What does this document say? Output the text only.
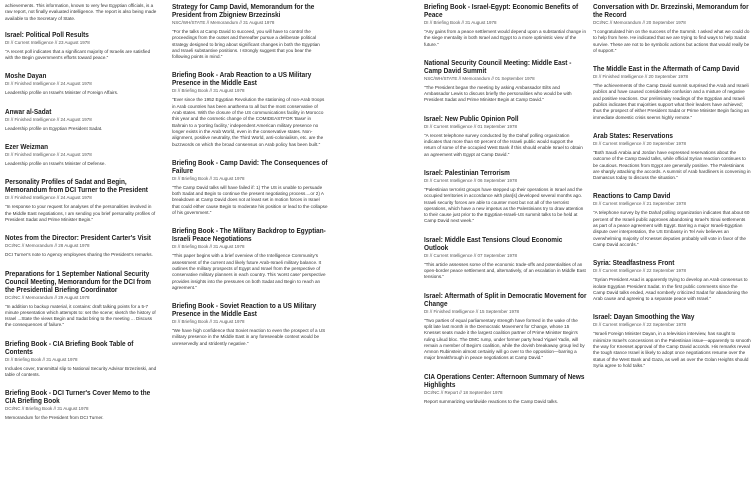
achievements. This information, known to very few Egyptian officials, is a raw report, not finally evaluated intelligence. The report is also being made available to the Secretary of State.

Israel: Political Poll Results
DI // Current Intelligence // 23 August 1978

"A recent poll indicates that a significant majority of Israelis are satisfied with the Begin government's efforts toward peace."

Moshe Dayan
DI // Finished Intelligence // 24 August 1978

Leadership profile on Israel's Minister of Foreign Affairs.

Anwar al-Sadat
DI // Finished Intelligence // 24 August 1978

Leadership profile on Egyptian President Sadat.

Ezer Weizman
DI // Finished Intelligence // 24 August 1978

Leadership profile on Israel's Minister of Defense.

Personality Profiles of Sadat and Begin, Memorandum from DCI Turner to the President
DI // Finished Intelligence // 24 August 1978

"In response to your request for analyses of the personalities involved in the Middle East negotiations, I am sending you brief personality profiles of President Sadat and Prime Minister Begin."

Notes from the Director: President Carter's Visit
DCI/NC // Memorandum // 28 August 1978

DCI Turner's note to Agency employees sharing the President's remarks.

Preparations for 1 September National Security Council Meeting, Memorandum for the DCI from the Presidential Briefing Coordinator
DCI/NC // Memorandum // 29 August 1978

"In addition to backup material, it contains: draft talking points for a 5-7 minute presentation which attempts to: set the scene; sketch the history of Israel ...State the views Begin and Sadat bring to the meeting ... Discuss the consequences of failure."

Briefing Book - CIA Briefing Book Table of Contents
DI // Briefing Book // 31 August 1978

Includes cover, transmittal slip to National Security Advisor Brzezinski, and table of contents.

Briefing Book - DCI Turner's Cover Memo to the CIA Briefing Book
DCI/NC // Briefing Book // 31 August 1978

Memorandum for the President from DCI Turner.

Strategy for Camp David, Memorandum for the President from Zbigniew Brzezinski
NSC/WH/STATE // Memorandum // 31 August 1978

"For the talks at Camp David to succeed, you will have to control the proceedings from the outset and thereafter pursue a deliberate political strategy designed to bring about significant changes in both the Egyptian and Israeli substantive positions. I strongly suggest that you bear the following points in mind."

Briefing Book - Arab Reaction to a US Military Presence in the Middle East
DI // Briefing Book // 31 August 1978

"Ever since the 1952 Egyptian Revolution the stationing of non-Arab troops in Arab countries has been anathema to all but the most conservative of Arab states. With the closure of the US communications facility in Morocco this year and the cosmetic change of the COMIDEASTFOR 'Base' in Bahrain to a 'porting facility,' independent American military presence no longer exists in the Arab World, even in the conservative states. Non-alignment, positive neutrality, the Third World, anti-colonialism, etc. are the buzzwords on which the broad consensus on Arab policy has been built."

Briefing Book - Camp David: The Consequences of Failure
DI // Briefing Book // 31 August 1978

"The Camp David talks will have failed if: 1) The US is unable to persuade both Sadat and Begin to continue the present negotiating process....or 2) A breakdown at Camp David does not at least set in motion forces in Israel that could either cause Begin to moderate his position or lead to the collapse of his government."

Briefing Book - The Military Backdrop to Egyptian-Israeli Peace Negotiations
DI // Briefing Book // 31 August 1978

"This paper begins with a brief overview of the Intelligence Community's assessment of the current and likely future Arab-Israeli military balance. It outlines the military prospects of Egypt and Israel from the perspective of conservative military planners in each country. This 'worst case' perspective provides insights into the pressures on both Sadat and Begin to reach an agreement."

Briefing Book - Soviet Reaction to a US Military Presence in the Middle East
DI // Briefing Book // 31 August 1978

"We have high confidence that Soviet reaction to even the prospect of a US military presence in the Middle East in any foreseeable context would be unreservedly and stridently negative."

Briefing Book - Israel-Egypt: Economic Benefits of Peace
DI // Briefing Book // 31 August 1978

"Any gains from a peace settlement would depend upon a substantial change in the siege mentality in both Israel and Egypt to a more optimistic view of the future."

National Security Council Meeting: Middle East - Camp David Summit
NSC/WH/STATE // Memorandum // 01 September 1978

"The President began the meeting by asking Ambassador Eilts and Ambassador Lewis to discuss briefly the personalities who would be with President Sadat and Prime Minister Begin at Camp David."

Israel: New Public Opinion Poll
DI // Current Intelligence // 01 September 1978

"A recent telephone survey conducted by the Dahaf polling organization indicates that more than 60 percent of the Israeli public would support the return of some of the occupied West Bank if this should enable Israel to obtain an agreement with Egypt at Camp David."

Israel: Palestinian Terrorism
DI // Current Intelligence // 06 September 1978

"Palestinian terrorist groups have stepped up their operations in Israel and the occupied territories in accordance with plan[s] developed several months ago. Israeli security forces are able to counter most but not all of the terrorist operations, which have a new impetus as the Palestinians try to draw attention to their cause just prior to the Egyptian-Israeli-US summit talks to be held at Camp David next week."

Israel: Middle East Tensions Cloud Economic Outlook
DI // Current Intelligence // 07 September 1978

"This article assesses some of the economic trade-offs and potentialities of an open-border peace settlement and, alternatively, of an escalation in Middle East tensions."

Israel: Aftermath of Split in Democratic Movement for Change
DI // Finished Intelligence // 15 September 1978

"Two parties of equal parliamentary strength have formed in the wake of the split late last month in the Democratic Movement for Change, whose 15 Knesset seats made it the largest coalition partner of Prime Minister Begin's ruling Likud bloc. The DMC rump, under former party head Yigael Yadin, will remain a member of Begin's coalition, while the dovish breakaway group led by Amnon Rubinstein almost certainly will go over to the opposition—barring a major breakthrough in peace negotiations at Camp David."

CIA Operations Center: Afternoon Summary of News Highlights
DCI/NC // Report // 18 September 1978

Report summarizing worldwide reactions to the Camp David talks.

Conversation with Dr. Brzezinski, Memorandum for the Record
DCI/NC // Memorandum // 20 September 1978

"I congratulated him on the success of the Summit. I asked what we could do to help from here. He indicated that we are trying to find ways to help Sadat survive. These are not to be symbolic actions but actions that would really be of support."

The Middle East in the Aftermath of Camp David
DI // Finished Intelligence // 20 September 1978

"The achievements of the Camp David summit surprised the Arab and Israeli publics and have caused considerable confusion and a mixture of negative and positive reactions. Our preliminary readings of the Egyptian and Israeli publics indicates that majorities support what their leaders have achieved; thus the prospect of either President Sadat or Prime Minister Begin facing an immediate domestic crisis seems highly remote."

Arab States: Reservations
DI // Current Intelligence // 20 September 1978

"Both Saudi Arabia and Jordan have expressed reservations about the outcome of the Camp David talks, while official Syrian reaction continues to be cautious. Reactions from Egypt are generally positive. The Palestinians are sharply attacking the accords. A summit of Arab hardliners is convening in Damascus today to discuss the situation."

Reactions to Camp David
DI // Current Intelligence // 21 September 1978

"A telephone survey by the Dahaf polling organization indicates that about 60 percent of the Israeli public approves abandoning Israel's Sinai settlements as part of a peace agreement with Egypt. Barring a major Israeli-Egyptian dispute over interpretation, the US Embassy in Tel Aviv believes an overwhelming majority of Knesset deputies probably will vote in favor of the Camp David accords."

Syria: Steadfastness Front
DI // Current Intelligence // 22 September 1978

"Syrian President Asad is apparently trying to develop an Arab consensus to isolate Egyptian President Sadat. In the first public comments since the Camp David talks ended, Asad somberly criticized Sadat for abandoning the Arab cause and agreeing to a separate peace with Israel."

Israel: Dayan Smoothing the Way
DI // Current Intelligence // 22 September 1978

"Israeli Foreign Minister Dayan, in a television interview, has sought to minimize Israel's concessions on the Palestinian issue—apparently to smooth the way for Knesset approval of the Camp David accords. His remarks reveal the tough stance Israel is likely to adopt once negotiations resume over the status of the West Bank and Gaza, as well as over the Golan Heights should Syria agree to hold talks."
